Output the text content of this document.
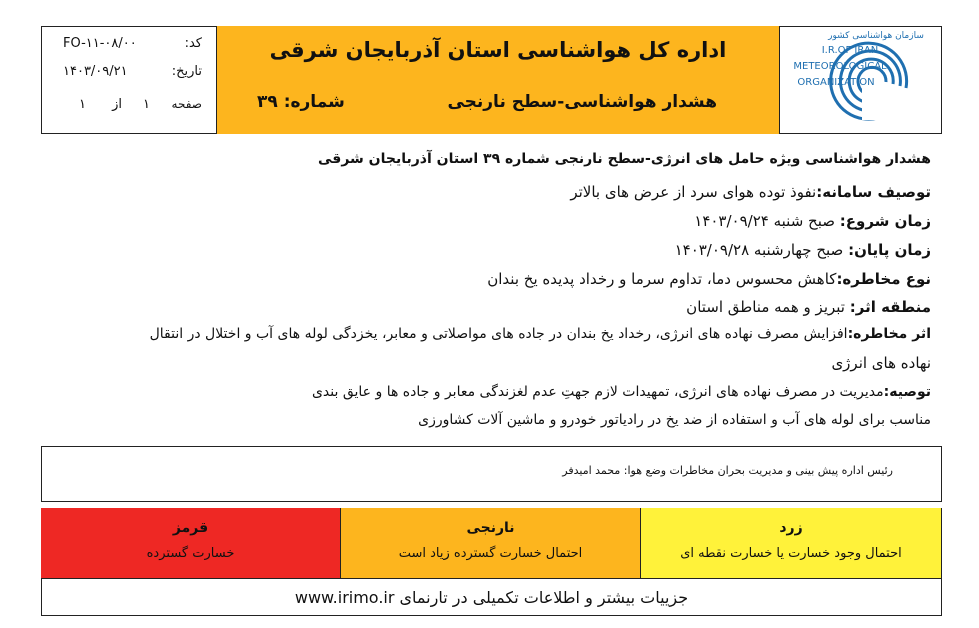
کد:
FO-۱۱-۰۸/۰۰
تاریخ:
۱۴۰۳/۰۹/۲۱
صفحه
۱
از
۱
اداره کل هواشناسی استان آذربایجان شرقی
هشدار هواشناسی-سطح نارنجی
شماره: ۳۹
سازمان هواشناسی کشور
I.R.OF IRAN
METEOROLOGICAL
ORGANIZATION
هشدار هواشناسی ویژه حامل های انرژی-سطح نارنجی شماره ۳۹ استان آذربایجان شرقی
توصیف سامانه:نفوذ توده هوای سرد از عرض های بالاتر
زمان شروع: صبح شنبه ۱۴۰۳/۰۹/۲۴
زمان پایان: صبح چهارشنبه ۱۴۰۳/۰۹/۲۸
نوع مخاطره:کاهش محسوس دما، تداوم سرما و رخداد پدیده یخ بندان
منطقه اثر: تبریز و همه مناطق استان
اثر مخاطره:افزایش مصرف نهاده های انرژی، رخداد یخ بندان در جاده های مواصلاتی و معابر، یخزدگی لوله های آب و اختلال در انتقال
نهاده های انرژی
توصیه:مدیریت در مصرف نهاده های انرژی، تمهیدات لازم جهتِ عدم لغزندگی معابر و جاده ها و عایق بندی
مناسب برای لوله های آب و استفاده از ضد یخ در رادیاتور خودرو و ماشین آلات کشاورزی
رئیس اداره پیش بینی و مدیریت بحران مخاطرات وضع هوا: محمد امیدفر
قرمز
خسارت گسترده
نارنجی
احتمال خسارت گسترده زیاد است
زرد
احتمال وجود خسارت یا خسارت نقطه ای
جزییات بیشتر و اطلاعات تکمیلی در تارنمای www.irimo.ir
